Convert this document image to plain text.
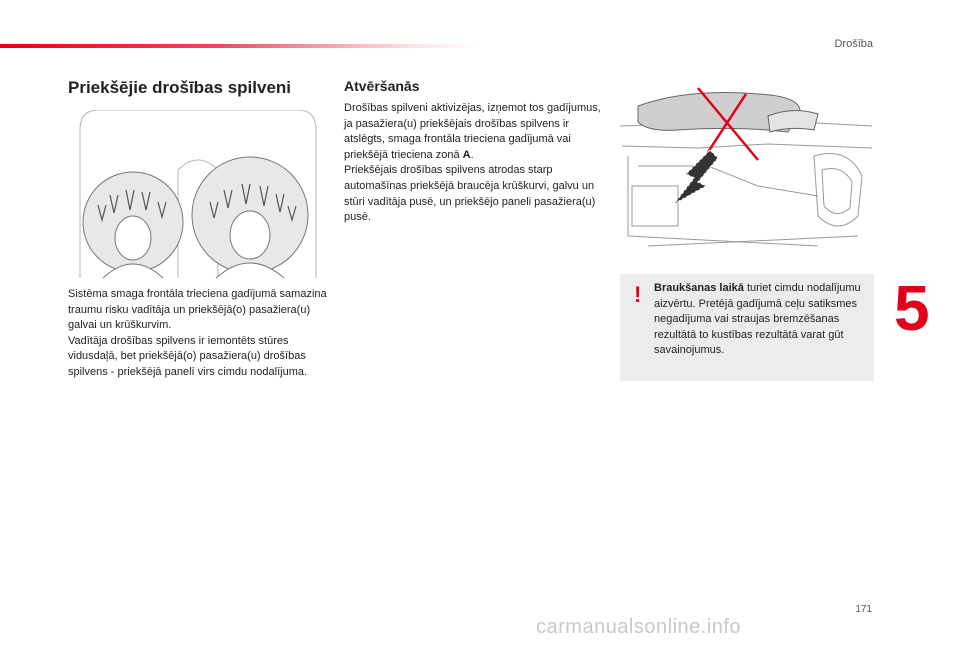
Drošība
5
Priekšējie drošības spilveni
Sistēma smaga frontāla trieciena gadījumā samazina traumu risku vadītāja un priekšējā(o) pasažiera(u) galvai un krūškurvim.
Vadītāja drošības spilvens ir iemontēts stūres vidusdaļā, bet priekšējā(o) pasažiera(u) drošības spilvens - priekšējā panelī virs cimdu nodalījuma.
Atvēršanās
Drošības spilveni aktivizējas, izņemot tos gadījumus, ja pasažiera(u) priekšējais drošības spilvens ir atslēgts, smaga frontāla trieciena gadījumā vai priekšējā trieciena zonā A.
Priekšējais drošības spilvens atrodas starp automašīnas priekšējā braucēja krūškurvi, galvu un stūri vadītāja pusē, un priekšējo paneli pasažiera(u) pusē.
! Braukšanas laikā turiet cimdu nodalījumu aizvērtu. Pretējā gadījumā ceļu satiksmes negadījuma vai straujas bremzēšanas rezultātā to kustības rezultātā varat gūt savainojumus.
171
carmanualsonline.info
